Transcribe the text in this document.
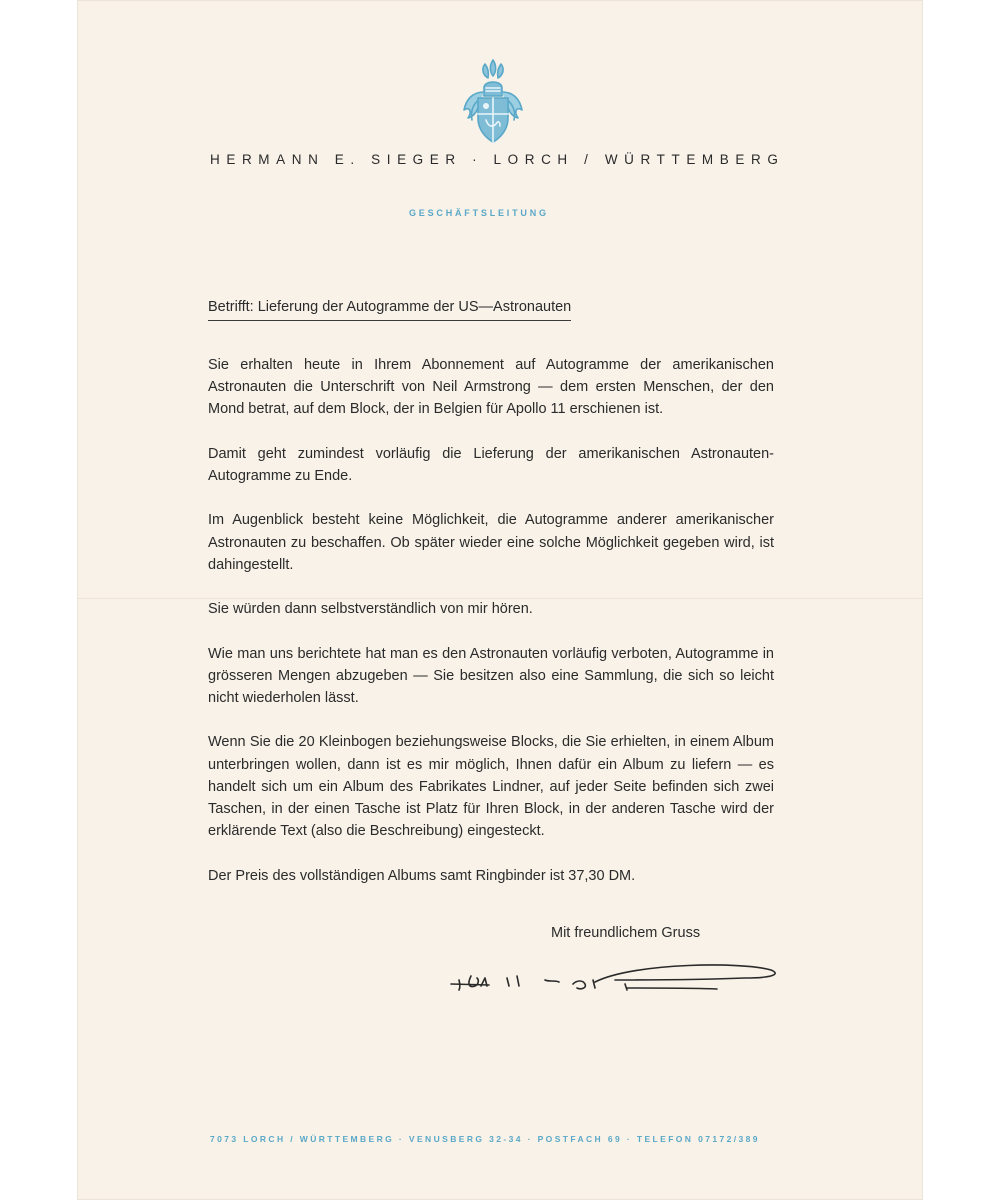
HERMANN E. SIEGER · LORCH / WÜRTTEMBERG
GESCHÄFTSLEITUNG
Betrifft: Lieferung der Autogramme der US—Astronauten

Sie erhalten heute in Ihrem Abonnement auf Autogramme der amerikanischen Astronauten die Unterschrift von Neil Armstrong — dem ersten Menschen, der den Mond betrat, auf dem Block, der in Belgien für Apollo 11 erschienen ist.

Damit geht zumindest vorläufig die Lieferung der amerikanischen Astronauten-Autogramme zu Ende.

Im Augenblick besteht keine Möglichkeit, die Autogramme anderer amerikanischer Astronauten zu beschaffen. Ob später wieder eine solche Möglichkeit gegeben wird, ist dahingestellt.

Sie würden dann selbstverständlich von mir hören.

Wie man uns berichtete hat man es den Astronauten vorläufig verboten, Autogramme in grösseren Mengen abzugeben — Sie besitzen also eine Sammlung, die sich so leicht nicht wiederholen lässt.

Wenn Sie die 20 Kleinbogen beziehungsweise Blocks, die Sie erhielten, in einem Album unterbringen wollen, dann ist es mir möglich, Ihnen dafür ein Album zu liefern — es handelt sich um ein Album des Fabrikates Lindner, auf jeder Seite befinden sich zwei Taschen, in der einen Tasche ist Platz für Ihren Block, in der anderen Tasche wird der erklärende Text (also die Beschreibung) eingesteckt.

Der Preis des vollständigen Albums samt Ringbinder ist 37,30 DM.

Mit freundlichem Gruss
7073 LORCH / WÜRTTEMBERG · VENUSBERG 32-34 · POSTFACH 69 · TELEFON 07172/389
